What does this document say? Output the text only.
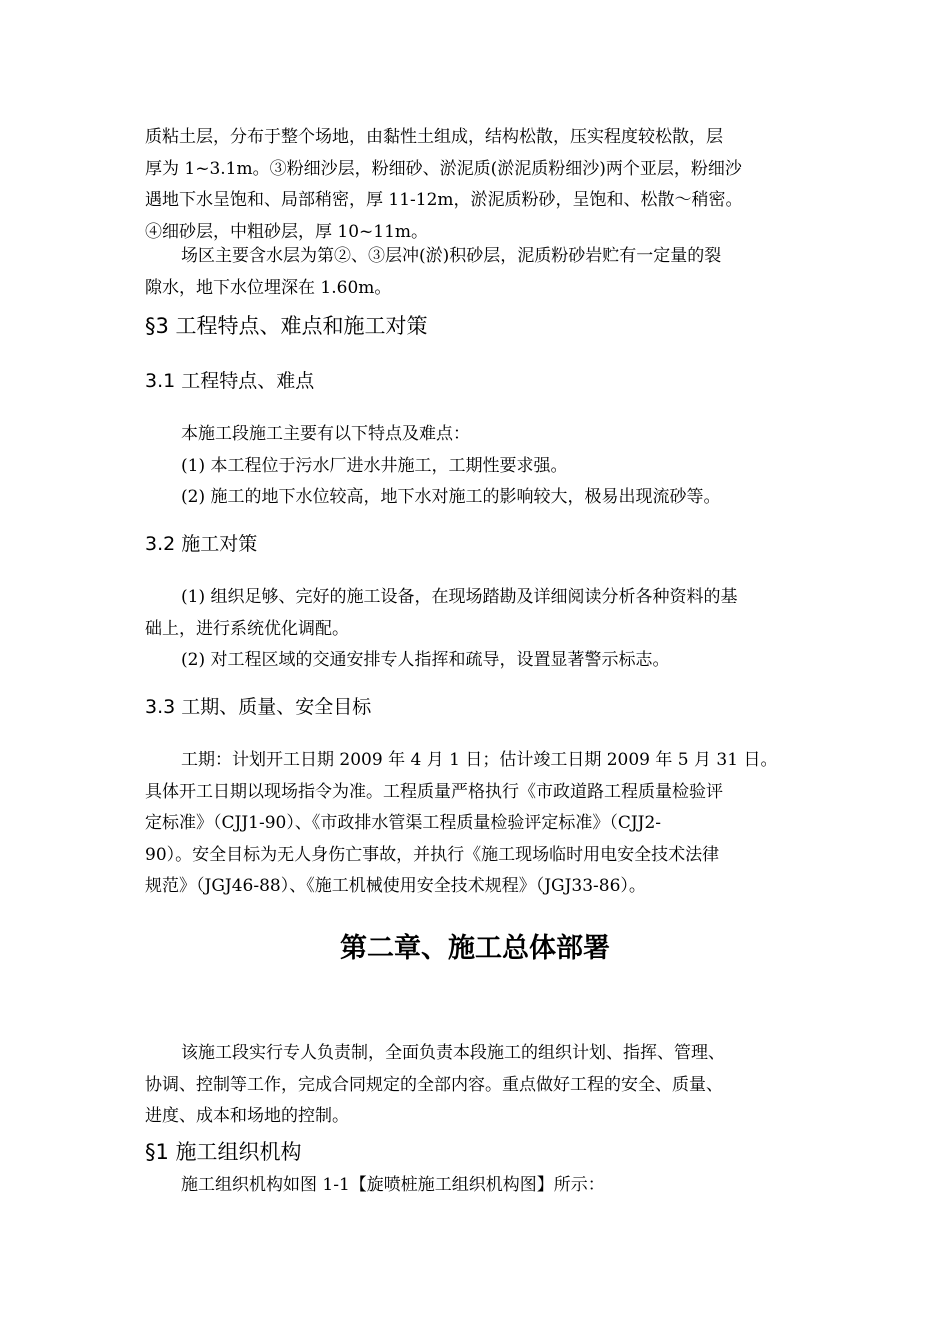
质粘土层，分布于整个场地，由黏性土组成，结构松散，压实程度较松散，层
厚为 1~3.1m。③粉细沙层，粉细砂、淤泥质(淤泥质粉细沙)两个亚层，粉细沙
遇地下水呈饱和、局部稍密，厚 11-12m，淤泥质粉砂，呈饱和、松散～稍密。
④细砂层，中粗砂层，厚 10~11m。
场区主要含水层为第②、③层冲(淤)积砂层，泥质粉砂岩贮有一定量的裂
隙水，地下水位埋深在 1.60m。
§3 工程特点、难点和施工对策
3.1 工程特点、难点
本施工段施工主要有以下特点及难点：
(1) 本工程位于污水厂进水井施工，工期性要求强。
(2) 施工的地下水位较高，地下水对施工的影响较大，极易出现流砂等。
3.2 施工对策
(1) 组织足够、完好的施工设备，在现场踏勘及详细阅读分析各种资料的基
础上，进行系统优化调配。
(2) 对工程区域的交通安排专人指挥和疏导，设置显著警示标志。
3.3 工期、质量、安全目标
工期：计划开工日期 2009 年 4 月 1 日；估计竣工日期 2009 年 5 月 31 日。
具体开工日期以现场指令为准。工程质量严格执行《市政道路工程质量检验评
定标准》（CJJ1-90）、《市政排水管渠工程质量检验评定标准》（CJJ2-
90）。安全目标为无人身伤亡事故，并执行《施工现场临时用电安全技术法律
规范》（JGJ46-88）、《施工机械使用安全技术规程》（JGJ33-86）。
第二章、施工总体部署
该施工段实行专人负责制，全面负责本段施工的组织计划、指挥、管理、
协调、控制等工作，完成合同规定的全部内容。重点做好工程的安全、质量、
进度、成本和场地的控制。
§1 施工组织机构
施工组织机构如图 1-1【旋喷桩施工组织机构图】所示：
